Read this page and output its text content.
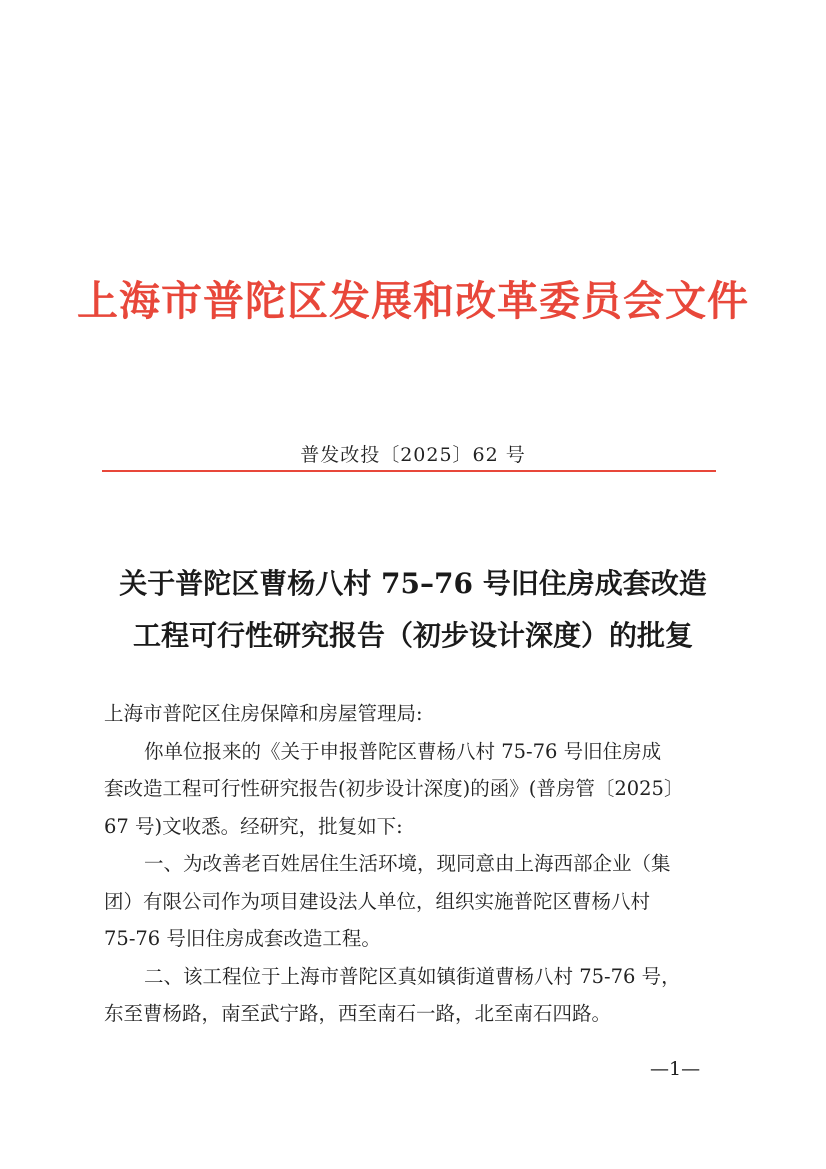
上海市普陀区发展和改革委员会文件
普发改投〔2025〕62 号
关于普陀区曹杨八村 75–76 号旧住房成套改造
工程可行性研究报告（初步设计深度）的批复
上海市普陀区住房保障和房屋管理局:
你单位报来的《关于申报普陀区曹杨八村 75-76 号旧住房成
套改造工程可行性研究报告(初步设计深度)的函》(普房管〔2025〕
67 号)文收悉。经研究，批复如下:
一、为改善老百姓居住生活环境，现同意由上海西部企业（集
团）有限公司作为项目建设法人单位，组织实施普陀区曹杨八村
75-76 号旧住房成套改造工程。
二、该工程位于上海市普陀区真如镇街道曹杨八村 75-76 号，
东至曹杨路，南至武宁路，西至南石一路，北至南石四路。
—1—
